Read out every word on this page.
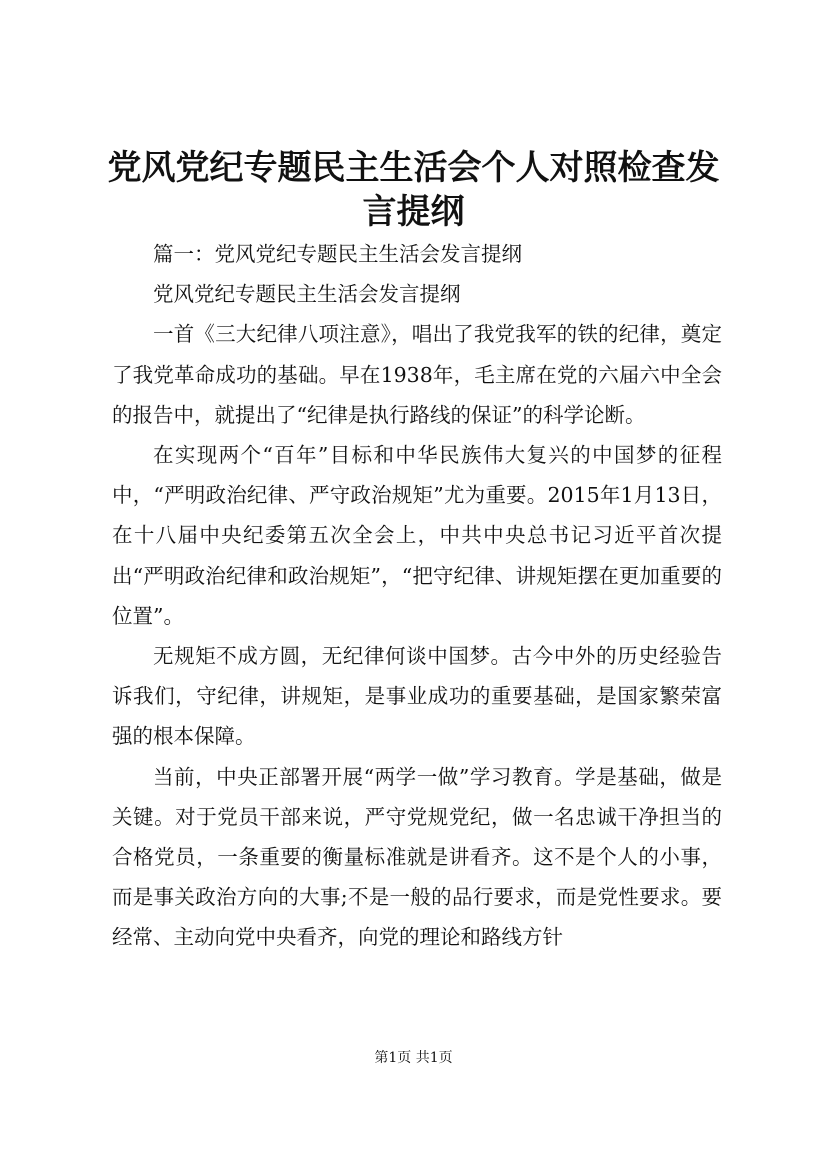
党风党纪专题民主生活会个人对照检查发言提纲

篇一：党风党纪专题民主生活会发言提纲

党风党纪专题民主生活会发言提纲

一首《三大纪律八项注意》，唱出了我党我军的铁的纪律，奠定了我党革命成功的基础。早在1938年，毛主席在党的六届六中全会的报告中，就提出了“纪律是执行路线的保证”的科学论断。

在实现两个“百年”目标和中华民族伟大复兴的中国梦的征程中，“严明政治纪律、严守政治规矩”尤为重要。2015年1月13日，在十八届中央纪委第五次全会上，中共中央总书记习近平首次提出“严明政治纪律和政治规矩”，“把守纪律、讲规矩摆在更加重要的位置”。

无规矩不成方圆，无纪律何谈中国梦。古今中外的历史经验告诉我们，守纪律，讲规矩，是事业成功的重要基础，是国家繁荣富强的根本保障。

当前，中央正部署开展“两学一做”学习教育。学是基础，做是关键。对于党员干部来说，严守党规党纪，做一名忠诚干净担当的合格党员，一条重要的衡量标准就是讲看齐。这不是个人的小事，而是事关政治方向的大事;不是一般的品行要求，而是党性要求。要经常、主动向党中央看齐，向党的理论和路线方针

第1页 共1页
